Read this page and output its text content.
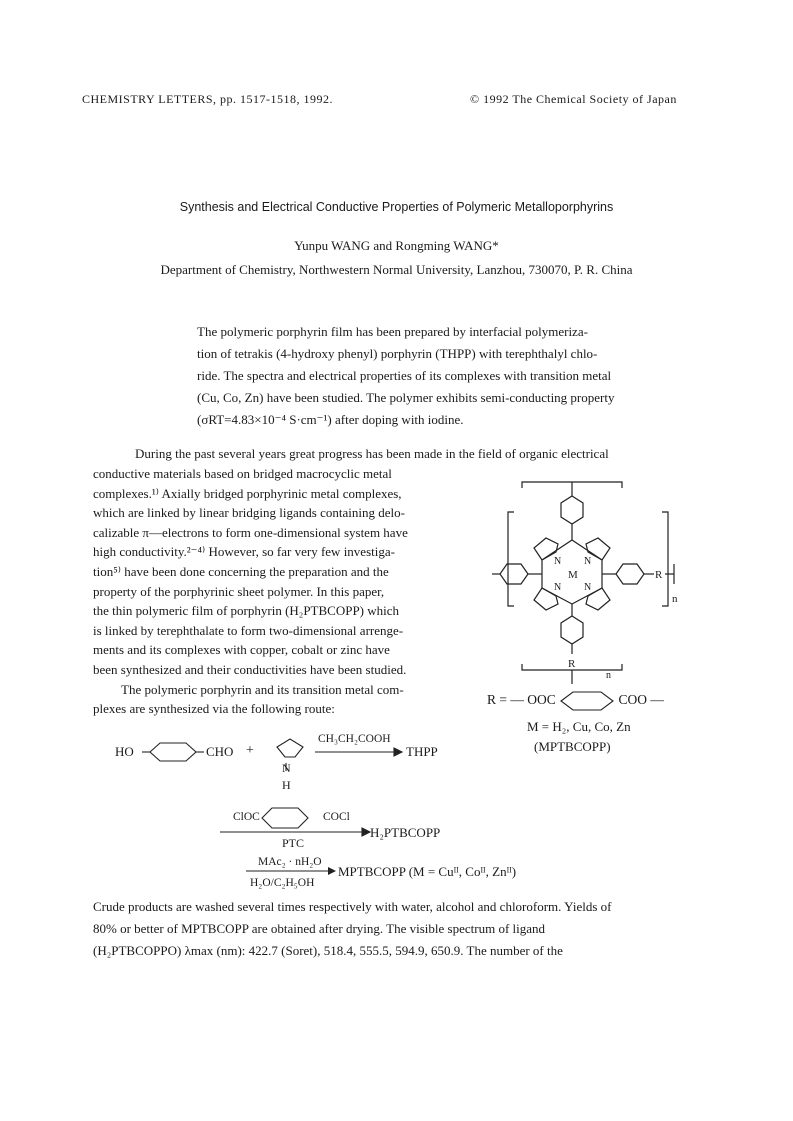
CHEMISTRY LETTERS, pp. 1517-1518, 1992.	© 1992 The Chemical Society of Japan
Synthesis and Electrical Conductive Properties of Polymeric Metalloporphyrins
Yunpu WANG and Rongming WANG*
Department of Chemistry, Northwestern Normal University, Lanzhou, 730070, P. R. China

The polymeric porphyrin film has been prepared by interfacial polymeriza-

tion of tetrakis (4-hydroxy phenyl) porphyrin (THPP) with terephthalyl chlo-

ride. The spectra and electrical properties of its complexes with transition metal

(Cu, Co, Zn) have been studied. The polymer exhibits semi-conducting property

(σRT=4.83×10⁻⁴ S·cm⁻¹) after doping with iodine.

During the past several years great progress has been made in the field of organic electrical
conductive materials based on bridged macrocyclic metal
complexes.¹⁾ Axially bridged porphyrinic metal complexes,
which are linked by linear bridging ligands containing delo-
calizable π—electrons to form one-dimensional system have
high conductivity.²⁻⁴⁾ However, so far very few investiga-
tion⁵⁾ have been done concerning the preparation and the
property of the porphyrinic sheet polymer. In this paper,
the thin polymeric film of porphyrin (H₂PTBCOPP) which
is linked by terephthalate to form two-dimensional arrenge-
ments and its complexes with copper, cobalt or zinc have
been synthesized and their conductivities have been studied.
The polymeric porphyrin and its transition metal com-
plexes are synthesized via the following route:
M
N N
N N
R
R
n
n
R = — OOC	COO —
M = H₂, Cu, Co, Zn
(MPTBCOPP)
HO	CHO +
N
H
CH₃CH₂COOH
THPP
ClOC	COCl
PTC
H₂PTBCOPP
MAc₂ · nH₂O
H₂O/C₂H₅OH
MPTBCOPP (M = Cuᴵᴵ, Coᴵᴵ, Znᴵᴵ)
Crude products are washed several times respectively with water, alcohol and chloroform. Yields of
80% or better of MPTBCOPP are obtained after drying. The visible spectrum of ligand
(H₂PTBCOPPO) λmax (nm): 422.7 (Soret), 518.4, 555.5, 594.9, 650.9. The number of the
